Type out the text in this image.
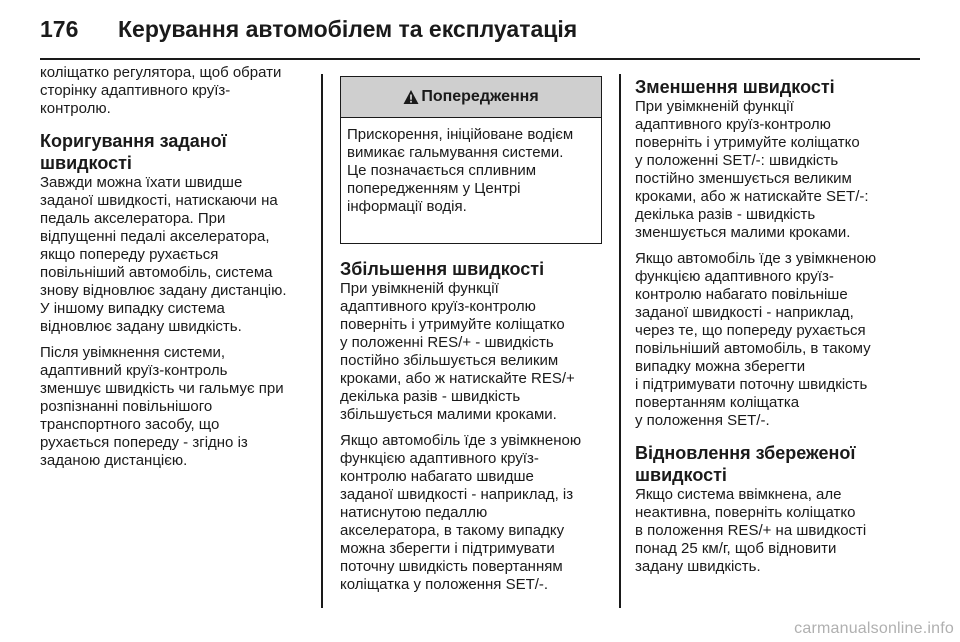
176	Керування автомобілем та експлуатація

коліщатко регулятора, щоб обрати
сторінку адаптивного круїз-
контролю.

Коригування заданої
швидкості

Завжди можна їхати швидше
заданої швидкості, натискаючи на
педаль акселератора. При
відпущенні педалі акселератора,
якщо попереду рухається
повільніший автомобіль, система
знову відновлює задану дистанцію.
У іншому випадку система
відновлює задану швидкість.

Після увімкнення системи,
адаптивний круїз-контроль
зменшує швидкість чи гальмує при
розпізнанні повільнішого
транспортного засобу, що
рухається попереду - згідно із
заданою дистанцією.

Попередження
Прискорення, ініційоване водієм
вимикає гальмування системи.
Це позначається спливним
попередженням у Центрі
інформації водія.
Збільшення швидкості

При увімкненій функції
адаптивного круїз-контролю
поверніть і утримуйте коліщатко
у положенні RES/+ - швидкість
постійно збільшується великим
кроками, або ж натискайте RES/+
декілька разів - швидкість
збільшується малими кроками.

Якщо автомобіль їде з увімкненою
функцією адаптивного круїз-
контролю набагато швидше
заданої швидкості - наприклад, із
натиснутою педаллю
акселератора, в такому випадку
можна зберегти і підтримувати
поточну швидкість повертанням
коліщатка у положення SET/-.

Зменшення швидкості

При увімкненій функції
адаптивного круїз-контролю
поверніть і утримуйте коліщатко
у положенні SET/-: швидкість
постійно зменшується великим
кроками, або ж натискайте SET/-:
декілька разів - швидкість
зменшується малими кроками.

Якщо автомобіль їде з увімкненою
функцією адаптивного круїз-
контролю набагато повільніше
заданої швидкості - наприклад,
через те, що попереду рухається
повільніший автомобіль, в такому
випадку можна зберегти
і підтримувати поточну швидкість
повертанням коліщатка
у положення SET/-.

Відновлення збереженої
швидкості

Якщо система ввімкнена, але
неактивна, поверніть коліщатко
в положення RES/+ на швидкості
понад 25 км/г, щоб відновити
задану швидкість.

carmanualsonline.info
